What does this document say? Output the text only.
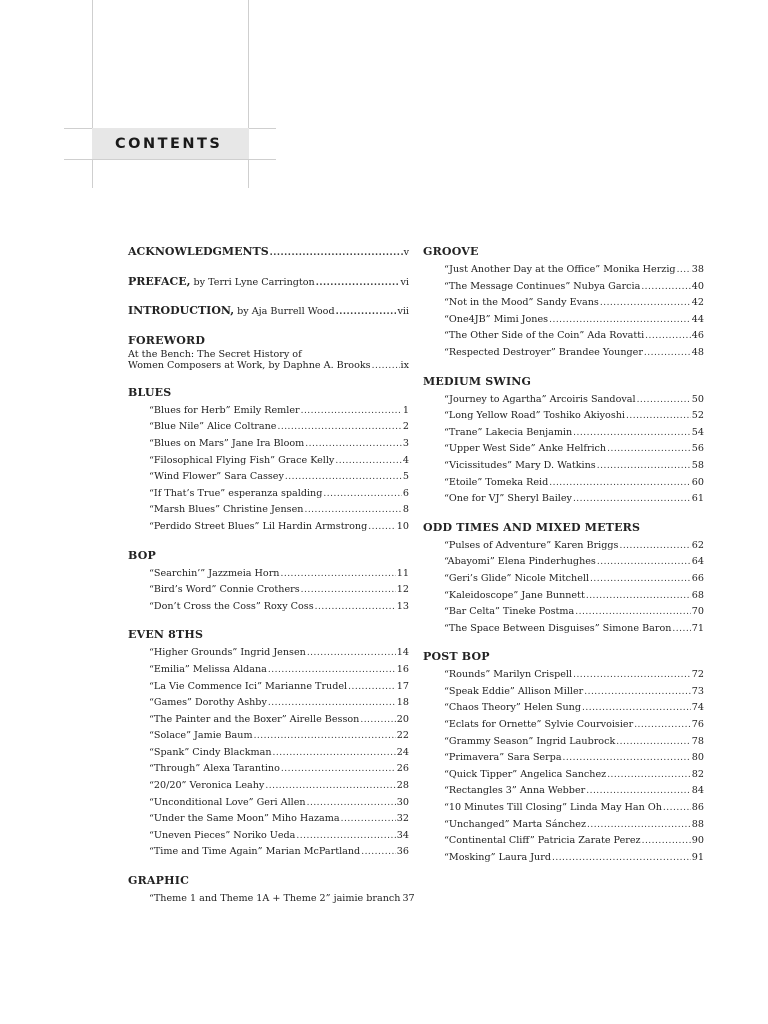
CONTENTS
ACKNOWLEDGMENTS .....	v
PREFACE, by Terri Lyne Carrington .....	vi
INTRODUCTION, by Aja Burrell Wood .....	vii
FOREWORD
At the Bench: The Secret History of
Women Composers at Work, by Daphne A. Brooks .....	ix
BLUES
“Blues for Herb” Emily Remler .....	1
“Blue Nile” Alice Coltrane .....	2
“Blues on Mars” Jane Ira Bloom .....	3
“Filosophical Flying Fish” Grace Kelly .....	4
“Wind Flower” Sara Cassey .....	5
“If That’s True” esperanza spalding .....	6
“Marsh Blues” Christine Jensen .....	8
“Perdido Street Blues” Lil Hardin Armstrong .....	10
BOP
“Searchin’” Jazzmeia Horn .....	11
“Bird’s Word” Connie Crothers .....	12
“Don’t Cross the Coss” Roxy Coss .....	13
EVEN 8THS
“Higher Grounds” Ingrid Jensen .....	14
“Emilia” Melissa Aldana .....	16
“La Vie Commence Ici” Marianne Trudel .....	17
“Games” Dorothy Ashby .....	18
“The Painter and the Boxer” Airelle Besson .....	20
“Solace” Jamie Baum .....	22
“Spank” Cindy Blackman .....	24
“Through” Alexa Tarantino .....	26
“20/20” Veronica Leahy .....	28
“Unconditional Love” Geri Allen .....	30
“Under the Same Moon” Miho Hazama .....	32
“Uneven Pieces” Noriko Ueda .....	34
“Time and Time Again” Marian McPartland .....	36
GRAPHIC
“Theme 1 and Theme 1A + Theme 2” jaimie branch 37
GROOVE
“Just Another Day at the Office” Monika Herzig ..... 38
“The Message Continues” Nubya Garcia .....	40
“Not in the Mood” Sandy Evans .....	42
“One4JB” Mimi Jones .....	44
“The Other Side of the Coin” Ada Rovatti .....	46
“Respected Destroyer” Brandee Younger .....	48
MEDIUM SWING
“Journey to Agartha” Arcoiris Sandoval .....	50
“Long Yellow Road” Toshiko Akiyoshi .....	52
“Trane” Lakecia Benjamin .....	54
“Upper West Side” Anke Helfrich .....	56
“Vicissitudes” Mary D. Watkins .....	58
“Etoile” Tomeka Reid .....	60
“One for VJ” Sheryl Bailey .....	61
ODD TIMES AND MIXED METERS
“Pulses of Adventure” Karen Briggs .....	62
“Abayomi” Elena Pinderhughes .....	64
“Geri’s Glide” Nicole Mitchell .....	66
“Kaleidoscope” Jane Bunnett .....	68
“Bar Celta” Tineke Postma .....	70
“The Space Between Disguises” Simone Baron ..... 71
POST BOP
“Rounds” Marilyn Crispell .....	72
“Speak Eddie” Allison Miller .....	73
“Chaos Theory” Helen Sung .....	74
“Eclats for Ornette” Sylvie Courvoisier .....	76
“Grammy Season” Ingrid Laubrock .....	78
“Primavera” Sara Serpa .....	80
“Quick Tipper” Angelica Sanchez .....	82
“Rectangles 3” Anna Webber .....	84
“10 Minutes Till Closing” Linda May Han Oh .....	86
“Unchanged” Marta Sánchez .....	88
“Continental Cliff” Patricia Zarate Perez .....	90
“Mosking” Laura Jurd .....	91
